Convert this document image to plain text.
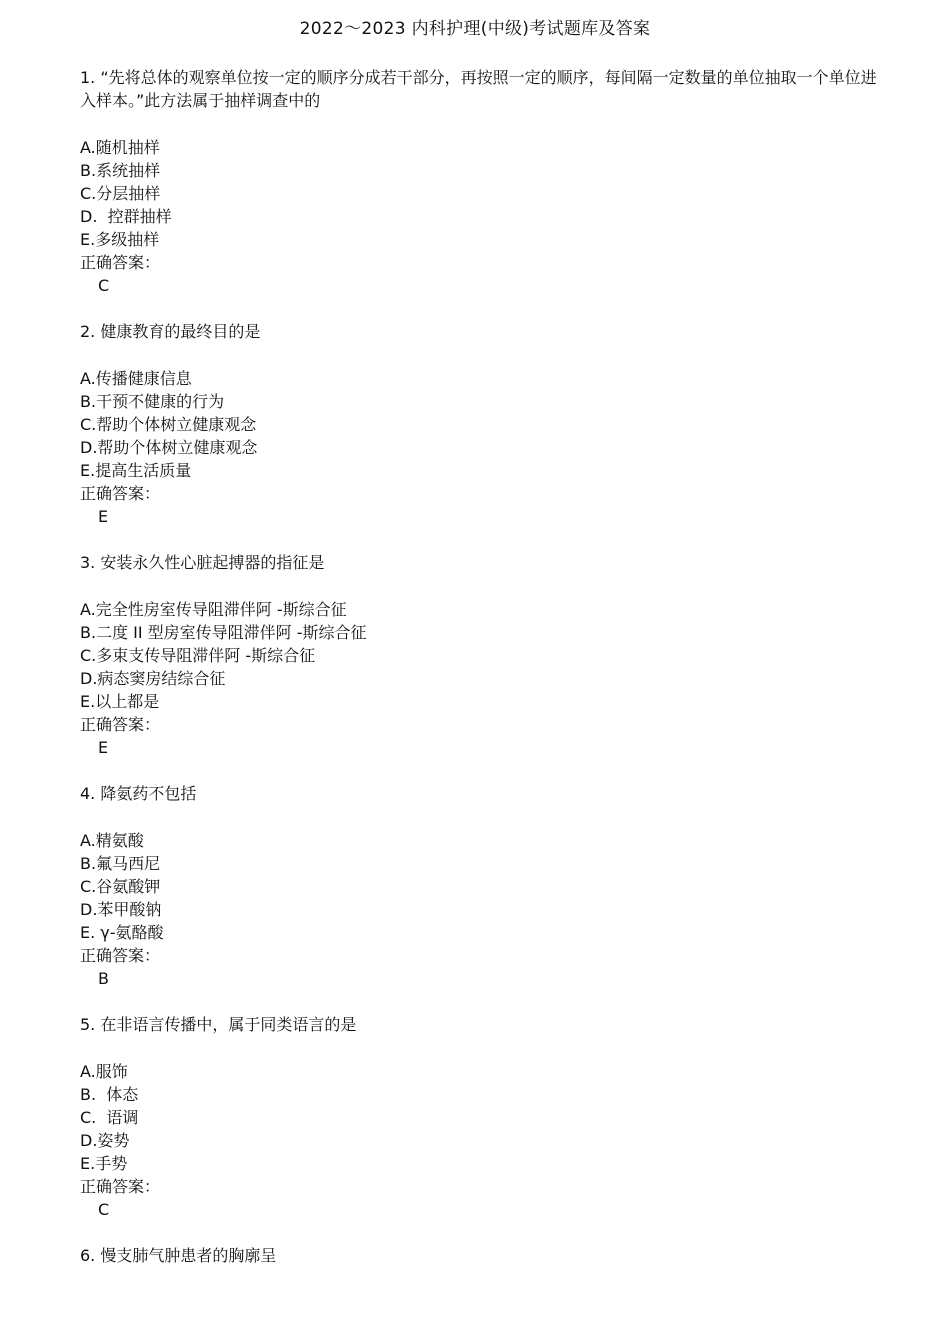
2022～2023 内科护理(中级)考试题库及答案
1. “先将总体的观察单位按一定的顺序分成若干部分，再按照一定的顺序，每间隔一定数量的单位抽取一个单位进入样本。”此方法属于抽样调查中的
A.随机抽样
B.系统抽样
C.分层抽样
D.  控群抽样
E.多级抽样
正确答案：
C
2. 健康教育的最终目的是
A.传播健康信息
B.干预不健康的行为
C.帮助个体树立健康观念
D.帮助个体树立健康观念
E.提高生活质量
正确答案：
E
3. 安装永久性心脏起搏器的指征是
A.完全性房室传导阻滞伴阿 -斯综合征
B.二度 II 型房室传导阻滞伴阿 -斯综合征
C.多束支传导阻滞伴阿 -斯综合征
D.病态窦房结综合征
E.以上都是
正确答案：
E
4. 降氨药不包括
A.精氨酸
B.氟马西尼
C.谷氨酸钾
D.苯甲酸钠
E. γ-氨酪酸
正确答案：
B
5. 在非语言传播中，属于同类语言的是
A.服饰
B.  体态
C.  语调
D.姿势
E.手势
正确答案：
C
6. 慢支肺气肿患者的胸廓呈
